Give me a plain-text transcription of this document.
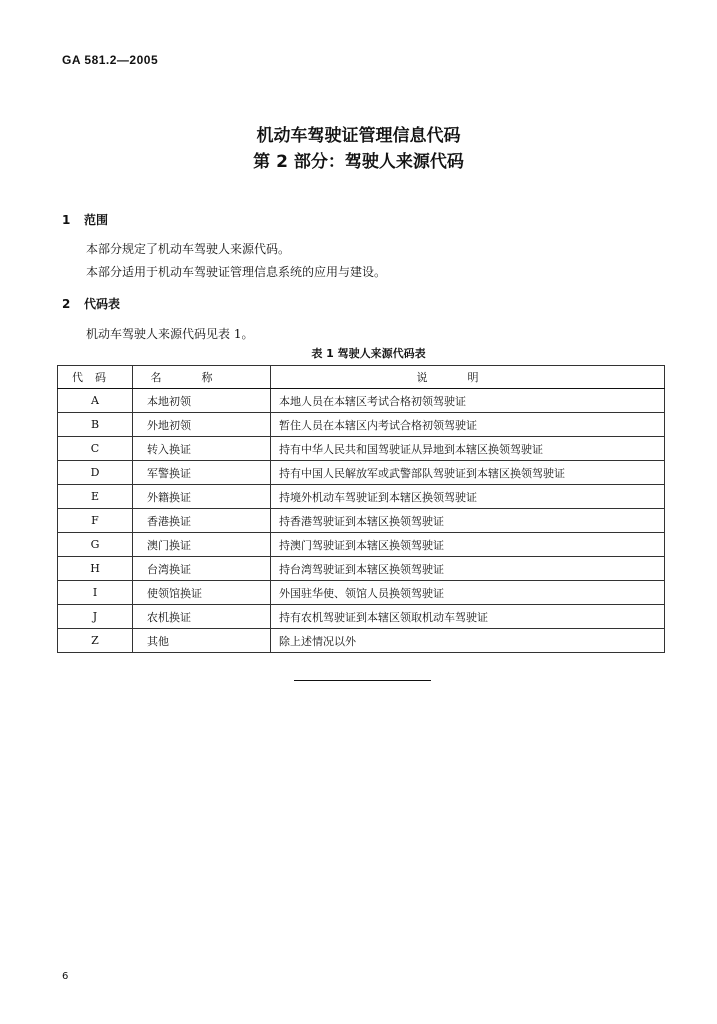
GA 581.2—2005
机动车驾驶证管理信息代码
第 2 部分：驾驶人来源代码
1 范围
本部分规定了机动车驾驶人来源代码。
本部分适用于机动车驾驶证管理信息系统的应用与建设。
2 代码表
机动车驾驶人来源代码见表 1。
表 1 驾驶人来源代码表
代码	名称	说明
A	本地初领	本地人员在本辖区考试合格初领驾驶证
B	外地初领	暂住人员在本辖区内考试合格初领驾驶证
C	转入换证	持有中华人民共和国驾驶证从异地到本辖区换领驾驶证
D	军警换证	持有中国人民解放军或武警部队驾驶证到本辖区换领驾驶证
E	外籍换证	持境外机动车驾驶证到本辖区换领驾驶证
F	香港换证	持香港驾驶证到本辖区换领驾驶证
G	澳门换证	持澳门驾驶证到本辖区换领驾驶证
H	台湾换证	持台湾驾驶证到本辖区换领驾驶证
I	使领馆换证	外国驻华使、领馆人员换领驾驶证
J	农机换证	持有农机驾驶证到本辖区领取机动车驾驶证
Z	其他	除上述情况以外
6
